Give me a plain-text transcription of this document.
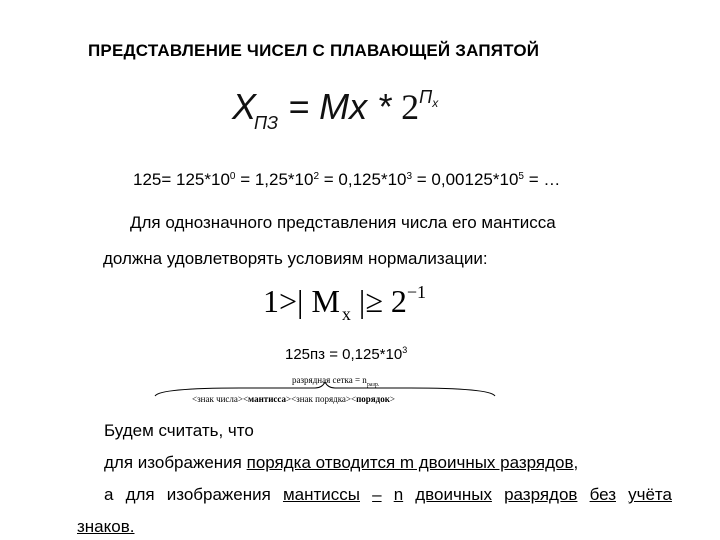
ПРЕДСТАВЛЕНИЕ ЧИСЕЛ С ПЛАВАЮЩЕЙ ЗАПЯТОЙ
$X_{ПЗ} = Mx * 2^{Пx}$
$125= 125*10^0 = 1,25*10^2 = 0,125*10^3 = 0,00125*10^5$ = …
Для однозначного представления числа его мантисса
должна удовлетворять условиям нормализации:
1>| M $_x$ |≥ $2^{-1}$
$125пз = 0,125*10^3$
разрядная сетка = $n_{разр.}$
<знак числа><мантисса><знак порядка><порядок>
Будем считать, что
для изображения порядка отводится m двоичных разрядов,
а для изображения мантиссы – n двоичных разрядов без учёта
знаков.
